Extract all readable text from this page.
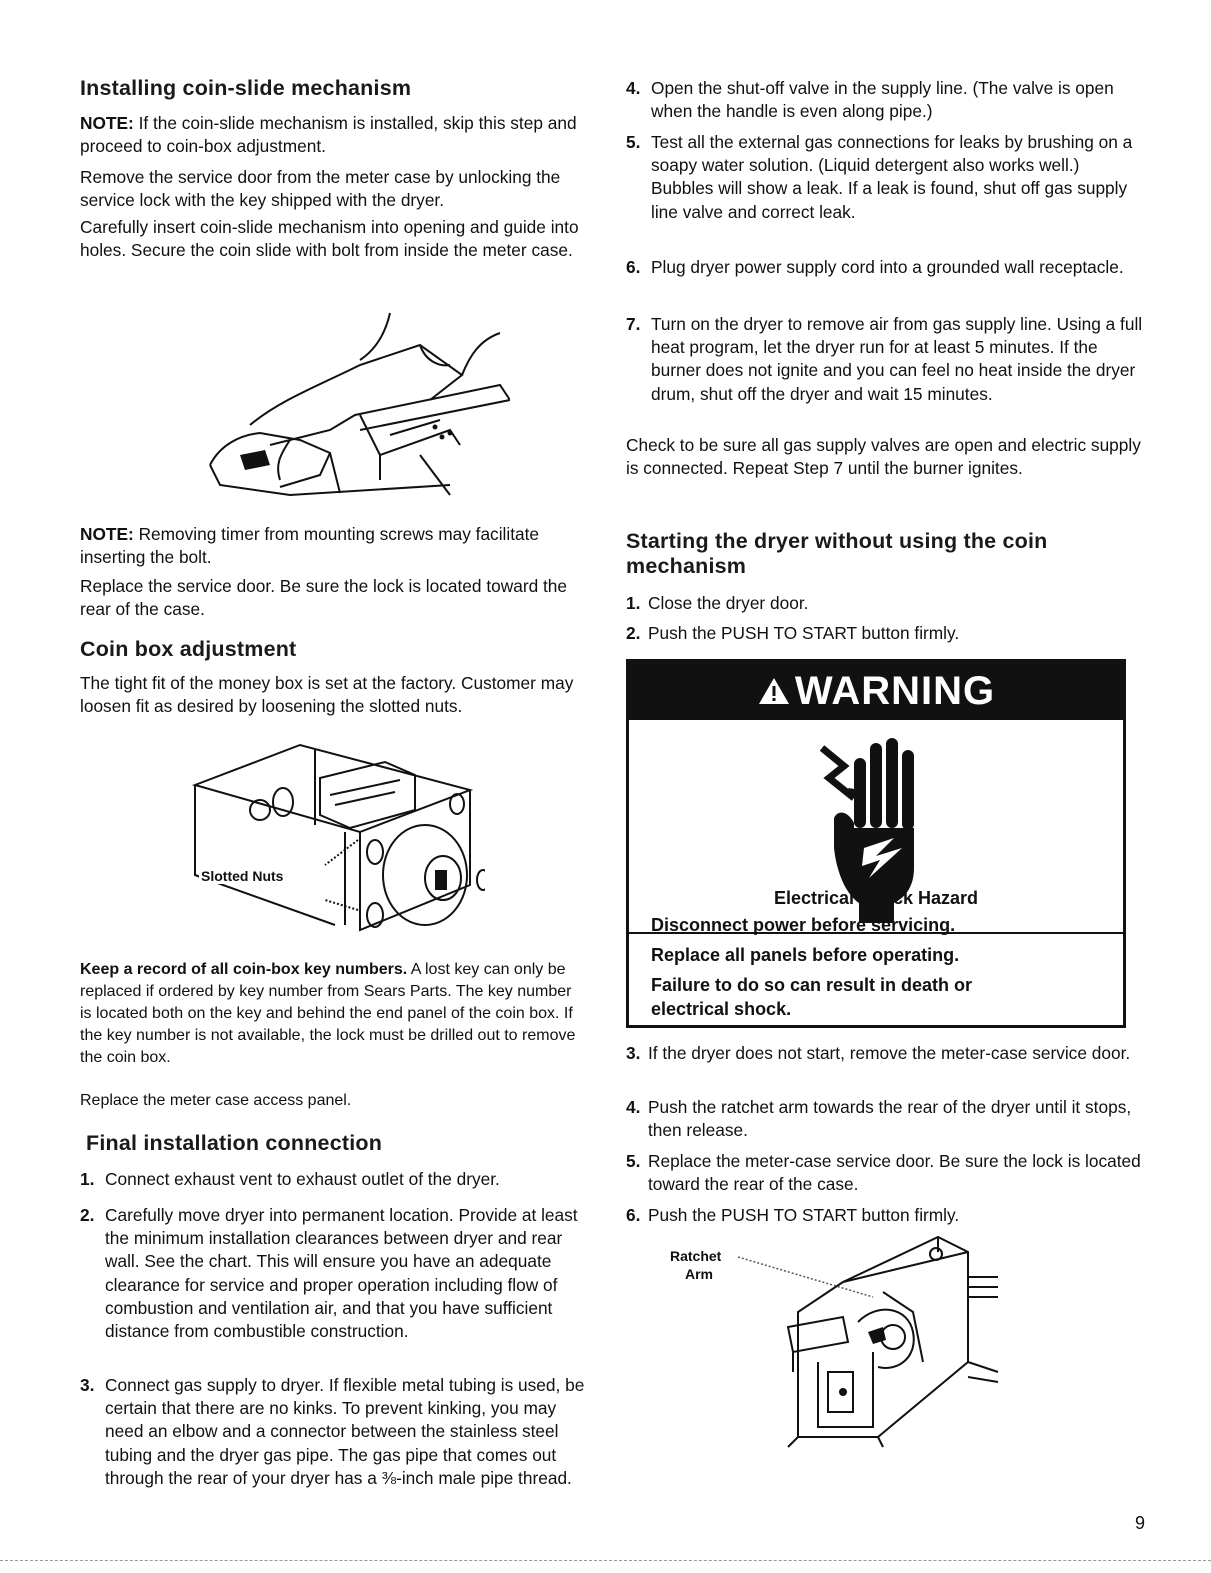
Installing coin-slide mechanism

NOTE: If the coin-slide mechanism is installed, skip this step and proceed to coin-box adjustment.

Remove the service door from the meter case by unlocking the service lock with the key shipped with the dryer.

Carefully insert coin-slide mechanism into opening and guide into holes. Secure the coin slide with bolt from inside the meter case.

NOTE: Removing timer from mounting screws may facilitate inserting the bolt.

Replace the service door. Be sure the lock is located toward the rear of the case.

Coin box adjustment

The tight fit of the money box is set at the factory. Customer may loosen fit as desired by loosening the slotted nuts.

Slotted Nuts

Keep a record of all coin-box key numbers. A lost key can only be replaced if ordered by key number from Sears Parts. The key number is located both on the key and behind the end panel of the coin box. If the key number is not available, the lock must be drilled out to remove the coin box.

Replace the meter case access panel.

Final installation connection
1. Connect exhaust vent to exhaust outlet of the dryer.
2. Carefully move dryer into permanent location. Provide at least the minimum installation clearances between dryer and rear wall. See the chart. This will ensure you have an adequate clearance for service and proper operation including flow of combustion and ventilation air, and that you have sufficient distance from combustible construction.
3. Connect gas supply to dryer. If flexible metal tubing is used, be certain that there are no kinks. To prevent kinking, you may need an elbow and a connector between the stainless steel tubing and the dryer gas pipe. The gas pipe that comes out through the rear of your dryer has a ⅜-inch male pipe thread.
4. Open the shut-off valve in the supply line. (The valve is open when the handle is even along pipe.)
5. Test all the external gas connections for leaks by brushing on a soapy water solution. (Liquid detergent also works well.) Bubbles will show a leak. If a leak is found, shut off gas supply line valve and correct leak.
6. Plug dryer power supply cord into a grounded wall receptacle.
7. Turn on the dryer to remove air from gas supply line. Using a full heat program, let the dryer run for at least 5 minutes. If the burner does not ignite and you can feel no heat inside the dryer drum, shut off the dryer and wait 15 minutes.

Check to be sure all gas supply valves are open and electric supply is connected. Repeat Step 7 until the burner ignites.

Starting the dryer without using the coin mechanism
1. Close the dryer door.
2. Push the PUSH TO START button firmly.
WARNING
Electrical Shock Hazard
Disconnect power before servicing.
Replace all panels before operating.
Failure to do so can result in death or electrical shock.
3. If the dryer does not start, remove the meter-case service door.
4. Push the ratchet arm towards the rear of the dryer until it stops, then release.
5. Replace the meter-case service door. Be sure the lock is located toward the rear of the case.
6. Push the PUSH TO START button firmly.
Ratchet
Arm
9
